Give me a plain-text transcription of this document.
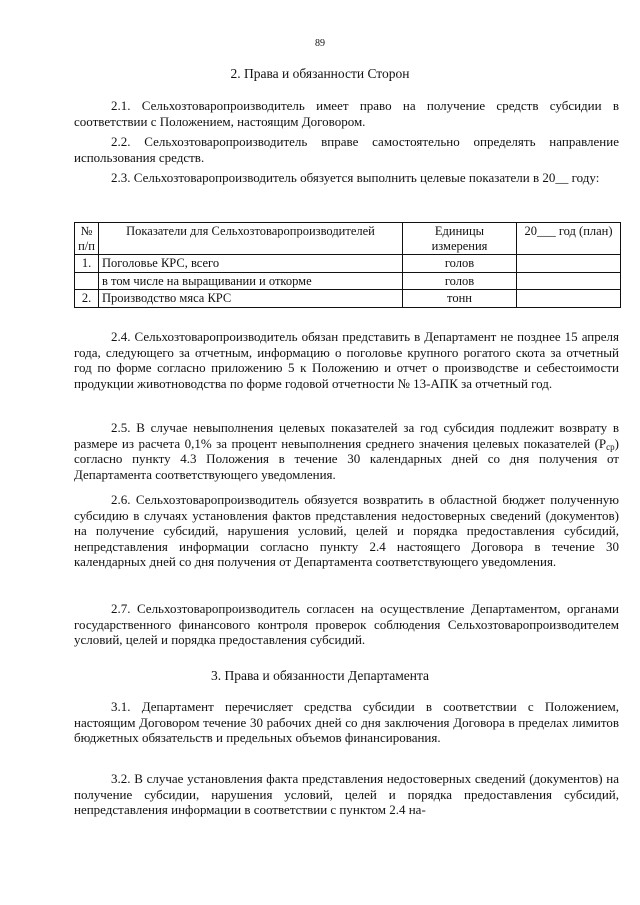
89
2. Права и обязанности Сторон
2.1. Сельхозтоваропроизводитель имеет право на получение средств субсидии в соответствии с Положением, настоящим Договором.
2.2. Сельхозтоваропроизводитель вправе самостоятельно определять направление использования средств.
2.3. Сельхозтоваропроизводитель обязуется выполнить целевые показатели в 20__ году:
№ п/п	Показатели для Сельхозтоваропроизводителей	Единицы измерения	20___ год (план)
1.	Поголовье КРС, всего	голов	
	в том числе на выращивании и откорме	голов	
2.	Производство мяса КРС	тонн	
2.4. Сельхозтоваропроизводитель обязан представить в Департамент не позднее 15 апреля года, следующего за отчетным, информацию о поголовье крупного рогатого скота за отчетный год по форме согласно приложению 5 к Положению и отчет о производстве и себестоимости продукции животноводства по форме годовой отчетности № 13-АПК за отчетный год.
2.5. В случае невыполнения целевых показателей за год субсидия подлежит возврату в размере из расчета 0,1% за процент невыполнения среднего значения целевых показателей $(Р_{ср})$ согласно пункту 4.3 Положения в течение 30 календарных дней со дня получения от Департамента соответствующего уведомления.
2.6. Сельхозтоваропроизводитель обязуется возвратить в областной бюджет полученную субсидию в случаях установления фактов представления недостоверных сведений (документов) на получение субсидий, нарушения условий, целей и порядка предоставления субсидий, непредставления информации согласно пункту 2.4 настоящего Договора в течение 30 календарных дней со дня получения от Департамента соответствующего уведомления.
2.7. Сельхозтоваропроизводитель согласен на осуществление Департаментом, органами государственного финансового контроля проверок соблюдения Сельхозтоваропроизводителем условий, целей и порядка предоставления субсидий.
3. Права и обязанности Департамента
3.1. Департамент перечисляет средства субсидии в соответствии с Положением, настоящим Договором течение 30 рабочих дней со дня заключения Договора в пределах лимитов бюджетных обязательств и предельных объемов финансирования.
3.2. В случае установления факта представления недостоверных сведений (документов) на получение субсидии, нарушения условий, целей и порядка предоставления субсидий, непредставления информации в соответствии с пунктом 2.4 на-
